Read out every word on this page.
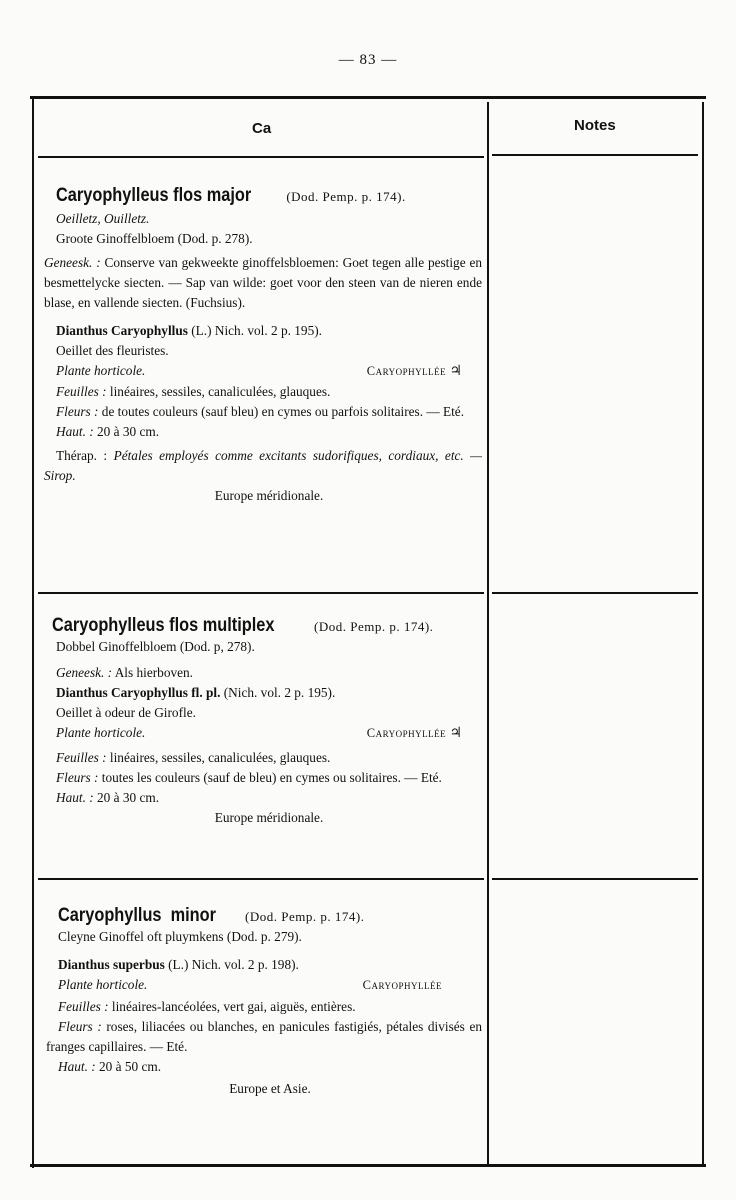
— 83 —
Ca	Notes

Caryophylleus flos major	(Dod. Pemp. p. 174).

Oeilletz, Ouilletz.

Groote Ginoffelbloem (Dod. p. 278).

Geneesk. : Conserve van gekweekte ginoffelsbloemen: Goet tegen alle pestige en besmettelycke siecten. — Sap van wilde: goet voor den steen van de nieren ende blase, en vallende siecten. (Fuchsius).

Dianthus Caryophyllus (L.) Nich. vol. 2 p. 195).

Oeillet des fleuristes.

Plante horticole.	Caryophyllée ♃

Feuilles : linéaires, sessiles, canaliculées, glauques.

Fleurs : de toutes couleurs (sauf bleu) en cymes ou parfois solitaires. — Eté.

Haut. : 20 à 30 cm.

Thérap. : Pétales employés comme excitants sudorifiques, cordiaux, etc. — Sirop.

Europe méridionale.

Caryophylleus flos multiplex	(Dod. Pemp. p. 174).

Dobbel Ginoffelbloem (Dod. p, 278).

Geneesk. : Als hierboven.

Dianthus Caryophyllus fl. pl. (Nich. vol. 2 p. 195).

Oeillet à odeur de Girofle.

Plante horticole.	Caryophyllée ♃

Feuilles : linéaires, sessiles, canaliculées, glauques.

Fleurs : toutes les couleurs (sauf de bleu) en cymes ou solitaires. — Eté.

Haut. : 20 à 30 cm.

Europe méridionale.

Caryophyllus  minor (Dod. Pemp. p. 174).

Cleyne Ginoffel oft pluymkens (Dod. p. 279).

Dianthus superbus (L.) Nich. vol. 2 p. 198).

Plante horticole.	Caryophyllée

Feuilles : linéaires-lancéolées, vert gai, aiguës, entières.

Fleurs : roses, liliacées ou blanches, en panicules fastigiés, pétales divisés en franges capillaires. — Eté.

Haut. : 20 à 50 cm.

Europe et Asie.
